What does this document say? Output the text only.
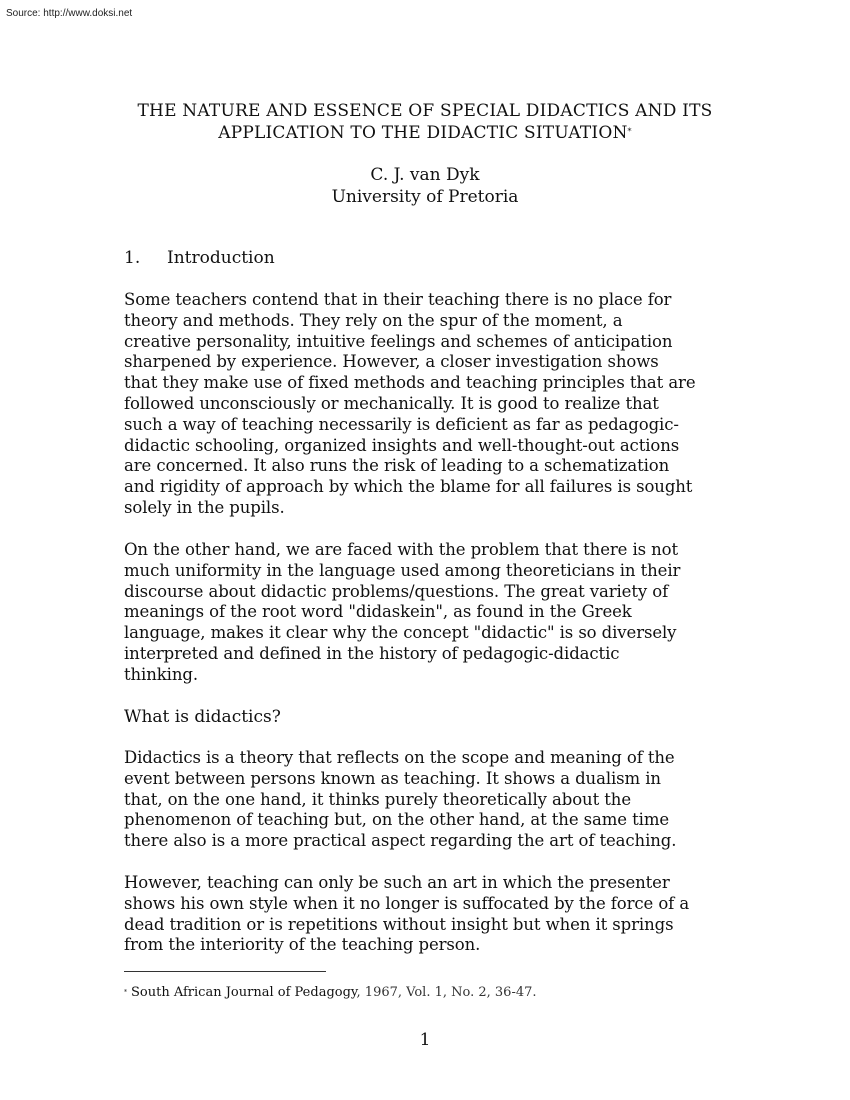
Source: http://www.doksi.net
THE NATURE AND ESSENCE OF SPECIAL DIDACTICS AND ITS
APPLICATION TO THE DIDACTIC SITUATION*
C. J. van Dyk
University of Pretoria
1. Introduction
Some teachers contend that in their teaching there is no place for
theory and methods. They rely on the spur of the moment, a
creative personality, intuitive feelings and schemes of anticipation
sharpened by experience. However, a closer investigation shows
that they make use of fixed methods and teaching principles that are
followed unconsciously or mechanically. It is good to realize that
such a way of teaching necessarily is deficient as far as pedagogic-
didactic schooling, organized insights and well-thought-out actions
are concerned. It also runs the risk of leading to a schematization
and rigidity of approach by which the blame for all failures is sought
solely in the pupils.
On the other hand, we are faced with the problem that there is not
much uniformity in the language used among theoreticians in their
discourse about didactic problems/questions. The great variety of
meanings of the root word "didaskein", as found in the Greek
language, makes it clear why the concept "didactic" is so diversely
interpreted and defined in the history of pedagogic-didactic
thinking.
What is didactics?
Didactics is a theory that reflects on the scope and meaning of the
event between persons known as teaching. It shows a dualism in
that, on the one hand, it thinks purely theoretically about the
phenomenon of teaching but, on the other hand, at the same time
there also is a more practical aspect regarding the art of teaching.
However, teaching can only be such an art in which the presenter
shows his own style when it no longer is suffocated by the force of a
dead tradition or is repetitions without insight but when it springs
from the interiority of the teaching person.
* South African Journal of Pedagogy, 1967, Vol. 1, No. 2, 36-47.
1
